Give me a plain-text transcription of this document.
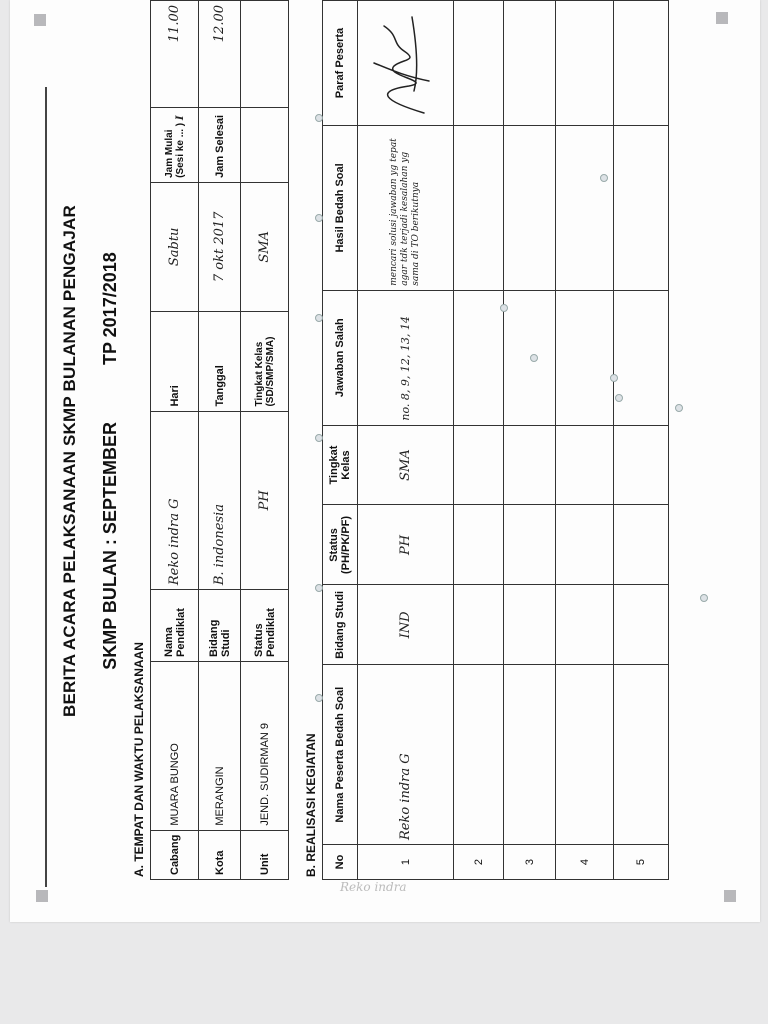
BERITA ACARA PELAKSANAAN SKMP BULANAN PENGAJAR SKMP BULAN : SEPTEMBER TP 2017/2018
A. TEMPAT DAN WAKTU PELAKSANAAN Cabang	MUARA BUNGO	Nama Pendiklat	Reko indra G	Hari	Sabtu	Jam Mulai (Sesi ke ... ) I	11.00
Kota	MERANGIN	Bidang Studi	B. indonesia	Tanggal	7 okt 2017	Jam Selesai	12.00
Unit	JEND. SUDIRMAN 9	Status Pendiklat	PH	Tingkat Kelas (SD/SMP/SMA)	SMA		
B. REALISASI KEGIATAN No	Nama Peserta Bedah Soal	Bidang Studi	Status (PH/PK/PF)	Tingkat Kelas	Jawaban Salah	Hasil Bedah Soal	Paraf Peserta
1	Reko indra G	IND	PH	SMA	no. 8, 9, 12, 13, 14	mencari solusi jawaban yg tepat agar tdk terjadi kesalahan yg sama di TO berikutnya	
2							
3							
4							
5							
Reko indra
